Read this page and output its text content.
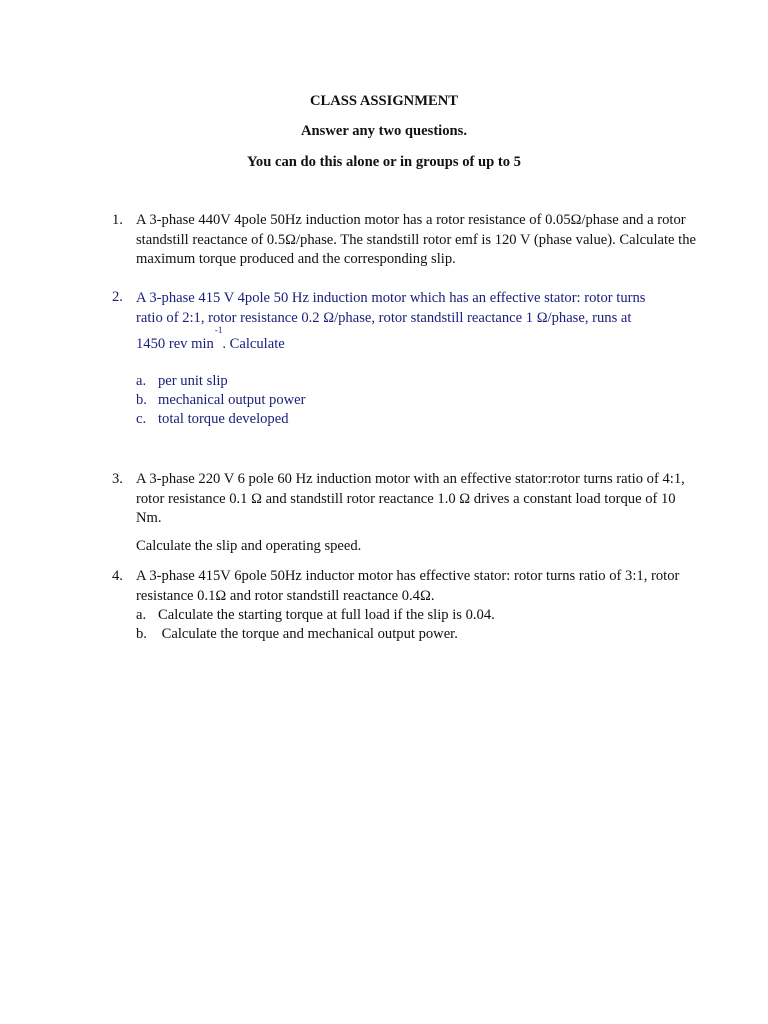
CLASS ASSIGNMENT
Answer any two questions.
You can do this alone or in groups of up to 5
1. A 3-phase 440V 4pole 50Hz induction motor has a rotor resistance of 0.05Ω/phase and a rotor standstill reactance of 0.5Ω/phase. The standstill rotor emf is 120 V (phase value). Calculate the maximum torque produced and the corresponding slip.
2. A 3-phase 415 V 4pole 50 Hz induction motor which has an effective stator: rotor turns
ratio of 2:1, rotor resistance 0.2 Ω/phase, rotor standstill reactance 1 Ω/phase, runs at
1450 rev $\min^{-1}$. Calculate
a. per unit slip
b. mechanical output power
c. total torque developed
3. A 3-phase 220 V 6 pole 60 Hz induction motor with an effective stator:rotor turns ratio of 4:1, rotor resistance 0.1 Ω and standstill rotor reactance 1.0 Ω drives a constant load torque of 10 Nm.
Calculate the slip and operating speed.
4. A 3-phase 415V 6pole 50Hz inductor motor has effective stator: rotor turns ratio of 3:1, rotor resistance 0.1Ω and rotor standstill reactance 0.4Ω.
a. Calculate the starting torque at full load if the slip is 0.04.
b. Calculate the torque and mechanical output power.
